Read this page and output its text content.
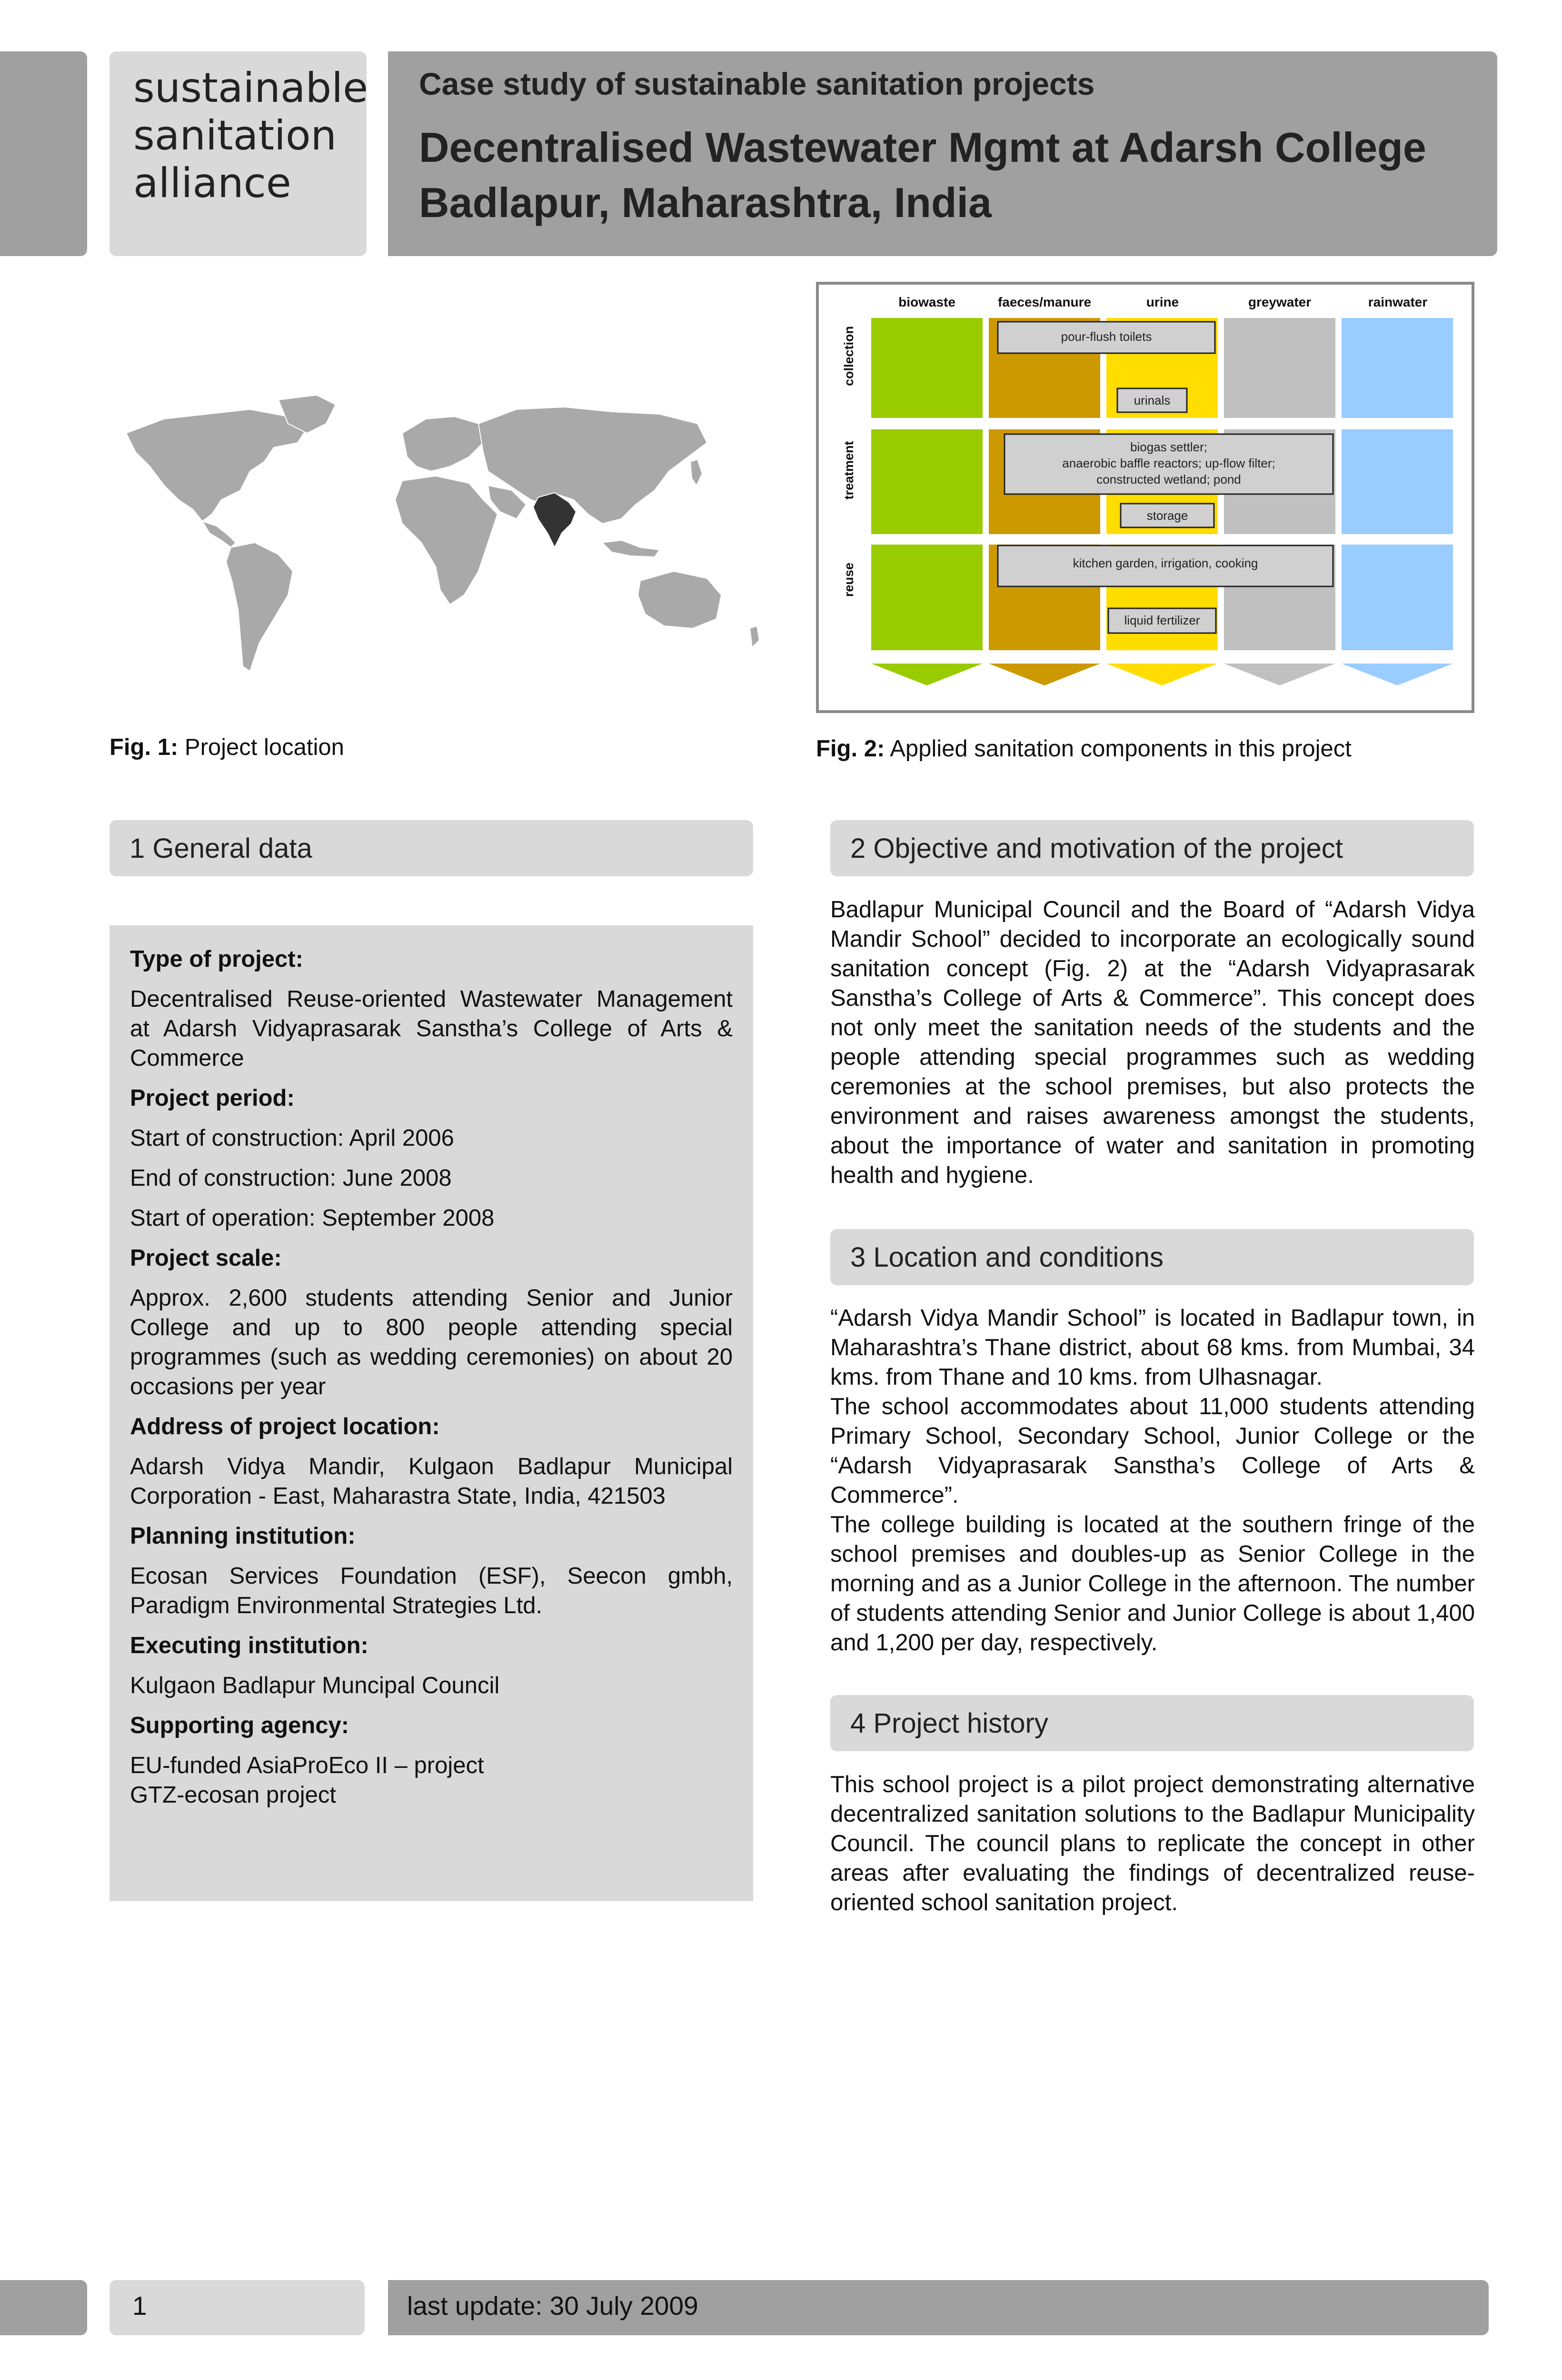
sustainable
sanitation
alliance
Case study of sustainable sanitation projects
Decentralised Wastewater Mgmt at Adarsh College
Badlapur, Maharashtra, India
Fig. 1: Project location
biowaste	faeces/manure	urine	greywater	rainwater
collection
treatment
reuse
pour-flush toilets
urinals
biogas settler;
anaerobic baffle reactors; up-flow filter;
constructed wetland; pond
storage
kitchen garden, irrigation, cooking
liquid fertilizer
Fig. 2: Applied sanitation components in this project
1 General data
Type of project:
Decentralised Reuse-oriented Wastewater Management at Adarsh Vidyaprasarak Sanstha’s College of Arts & Commerce
Project period:
Start of construction: April 2006
End of construction: June 2008
Start of operation: September 2008
Project scale:
Approx. 2,600 students attending Senior and Junior College and up to 800 people attending special programmes (such as wedding ceremonies) on about 20 occasions per year
Address of project location:
Adarsh Vidya Mandir, Kulgaon Badlapur Municipal Corporation - East, Maharastra State, India, 421503
Planning institution:
Ecosan Services Foundation (ESF), Seecon gmbh, Paradigm Environmental Strategies Ltd.
Executing institution:
Kulgaon Badlapur Muncipal Council
Supporting agency:
EU-funded AsiaProEco II – project
GTZ-ecosan project
2 Objective and motivation of the project

Badlapur Municipal Council and the Board of “Adarsh Vidya Mandir School” decided to incorporate an ecologically sound sanitation concept (Fig. 2) at the “Adarsh Vidyaprasarak Sanstha’s College of Arts & Commerce”. This concept does not only meet the sanitation needs of the students and the people attending special programmes such as wedding ceremonies at the school premises, but also protects the environment and raises awareness amongst the students, about the importance of water and sanitation in promoting health and hygiene.

3 Location and conditions

“Adarsh Vidya Mandir School” is located in Badlapur town, in Maharashtra’s Thane district, about 68 kms. from Mumbai, 34 kms. from Thane and 10 kms. from Ulhasnagar.

The school accommodates about 11,000 students attending Primary School, Secondary School, Junior College or the “Adarsh Vidyaprasarak Sanstha’s College of Arts & Commerce”.

The college building is located at the southern fringe of the school premises and doubles-up as Senior College in the morning and as a Junior College in the afternoon. The number of students attending Senior and Junior College is about 1,400 and 1,200 per day, respectively.

4 Project history

This school project is a pilot project demonstrating alternative decentralized sanitation solutions to the Badlapur Municipality Council. The council plans to replicate the concept in other areas after evaluating the findings of decentralized reuse-oriented school sanitation project.

1	last update: 30 July 2009
